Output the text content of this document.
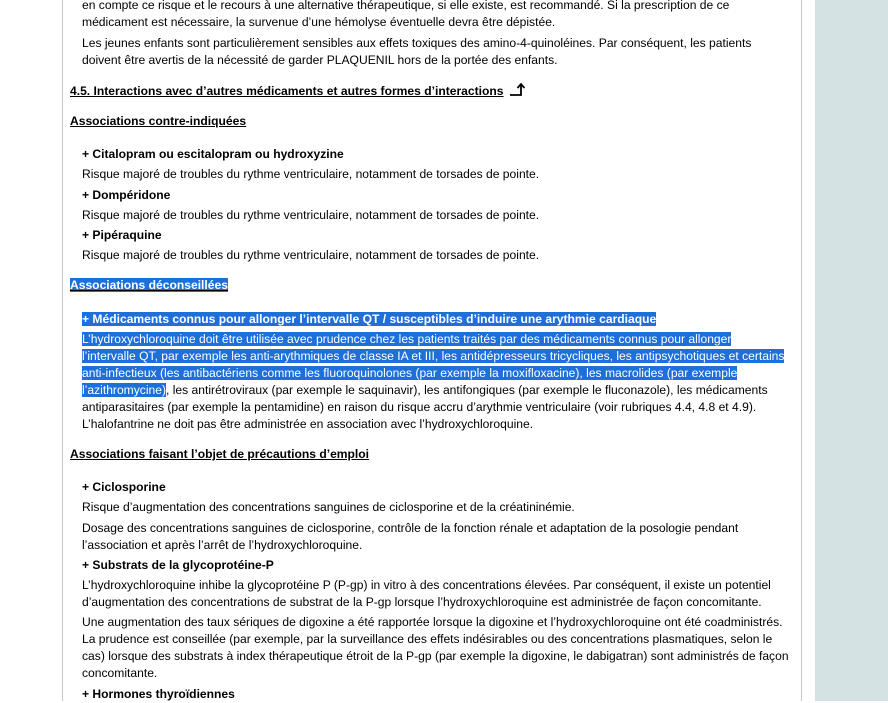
en compte ce risque et le recours à une alternative thérapeutique, si elle existe, est recommandé. Si la prescription de ce
médicament est nécessaire, la survenue d’une hémolyse éventuelle devra être dépistée.

Les jeunes enfants sont particulièrement sensibles aux effets toxiques des amino-4-quinoléines. Par conséquent, les patients
doivent être avertis de la nécessité de garder PLAQUENIL hors de la portée des enfants.

4.5. Interactions avec d’autres médicaments et autres formes d’interactions

Associations contre-indiquées

+ Citalopram ou escitalopram ou hydroxyzine

Risque majoré de troubles du rythme ventriculaire, notamment de torsades de pointe.

+ Dompéridone

Risque majoré de troubles du rythme ventriculaire, notamment de torsades de pointe.

+ Pipéraquine

Risque majoré de troubles du rythme ventriculaire, notamment de torsades de pointe.

Associations déconseillées

+ Médicaments connus pour allonger l’intervalle QT / susceptibles d’induire une arythmie cardiaque

L’hydroxychloroquine doit être utilisée avec prudence chez les patients traités par des médicaments connus pour allonger
l’intervalle QT, par exemple les anti-arythmiques de classe IA et III, les antidépresseurs tricycliques, les antipsychotiques et certains
anti-infectieux (les antibactériens comme les fluoroquinolones (par exemple la moxifloxacine), les macrolides (par exemple
l’azithromycine), les antirétroviraux (par exemple le saquinavir), les antifongiques (par exemple le fluconazole), les médicaments
antiparasitaires (par exemple la pentamidine) en raison du risque accru d’arythmie ventriculaire (voir rubriques 4.4, 4.8 et 4.9).
L’halofantrine ne doit pas être administrée en association avec l’hydroxychloroquine.

Associations faisant l’objet de précautions d’emploi

+ Ciclosporine

Risque d’augmentation des concentrations sanguines de ciclosporine et de la créatininémie.

Dosage des concentrations sanguines de ciclosporine, contrôle de la fonction rénale et adaptation de la posologie pendant
l’association et après l’arrêt de l’hydroxychloroquine.

+ Substrats de la glycoprotéine-P

L’hydroxychloroquine inhibe la glycoprotéine P (P-gp) in vitro à des concentrations élevées. Par conséquent, il existe un potentiel
d’augmentation des concentrations de substrat de la P-gp lorsque l’hydroxychloroquine est administrée de façon concomitante.

Une augmentation des taux sériques de digoxine a été rapportée lorsque la digoxine et l’hydroxychloroquine ont été coadministrés.
La prudence est conseillée (par exemple, par la surveillance des effets indésirables ou des concentrations plasmatiques, selon le
cas) lorsque des substrats à index thérapeutique étroit de la P-gp (par exemple la digoxine, le dabigatran) sont administrés de façon
concomitante.

+ Hormones thyroïdiennes
